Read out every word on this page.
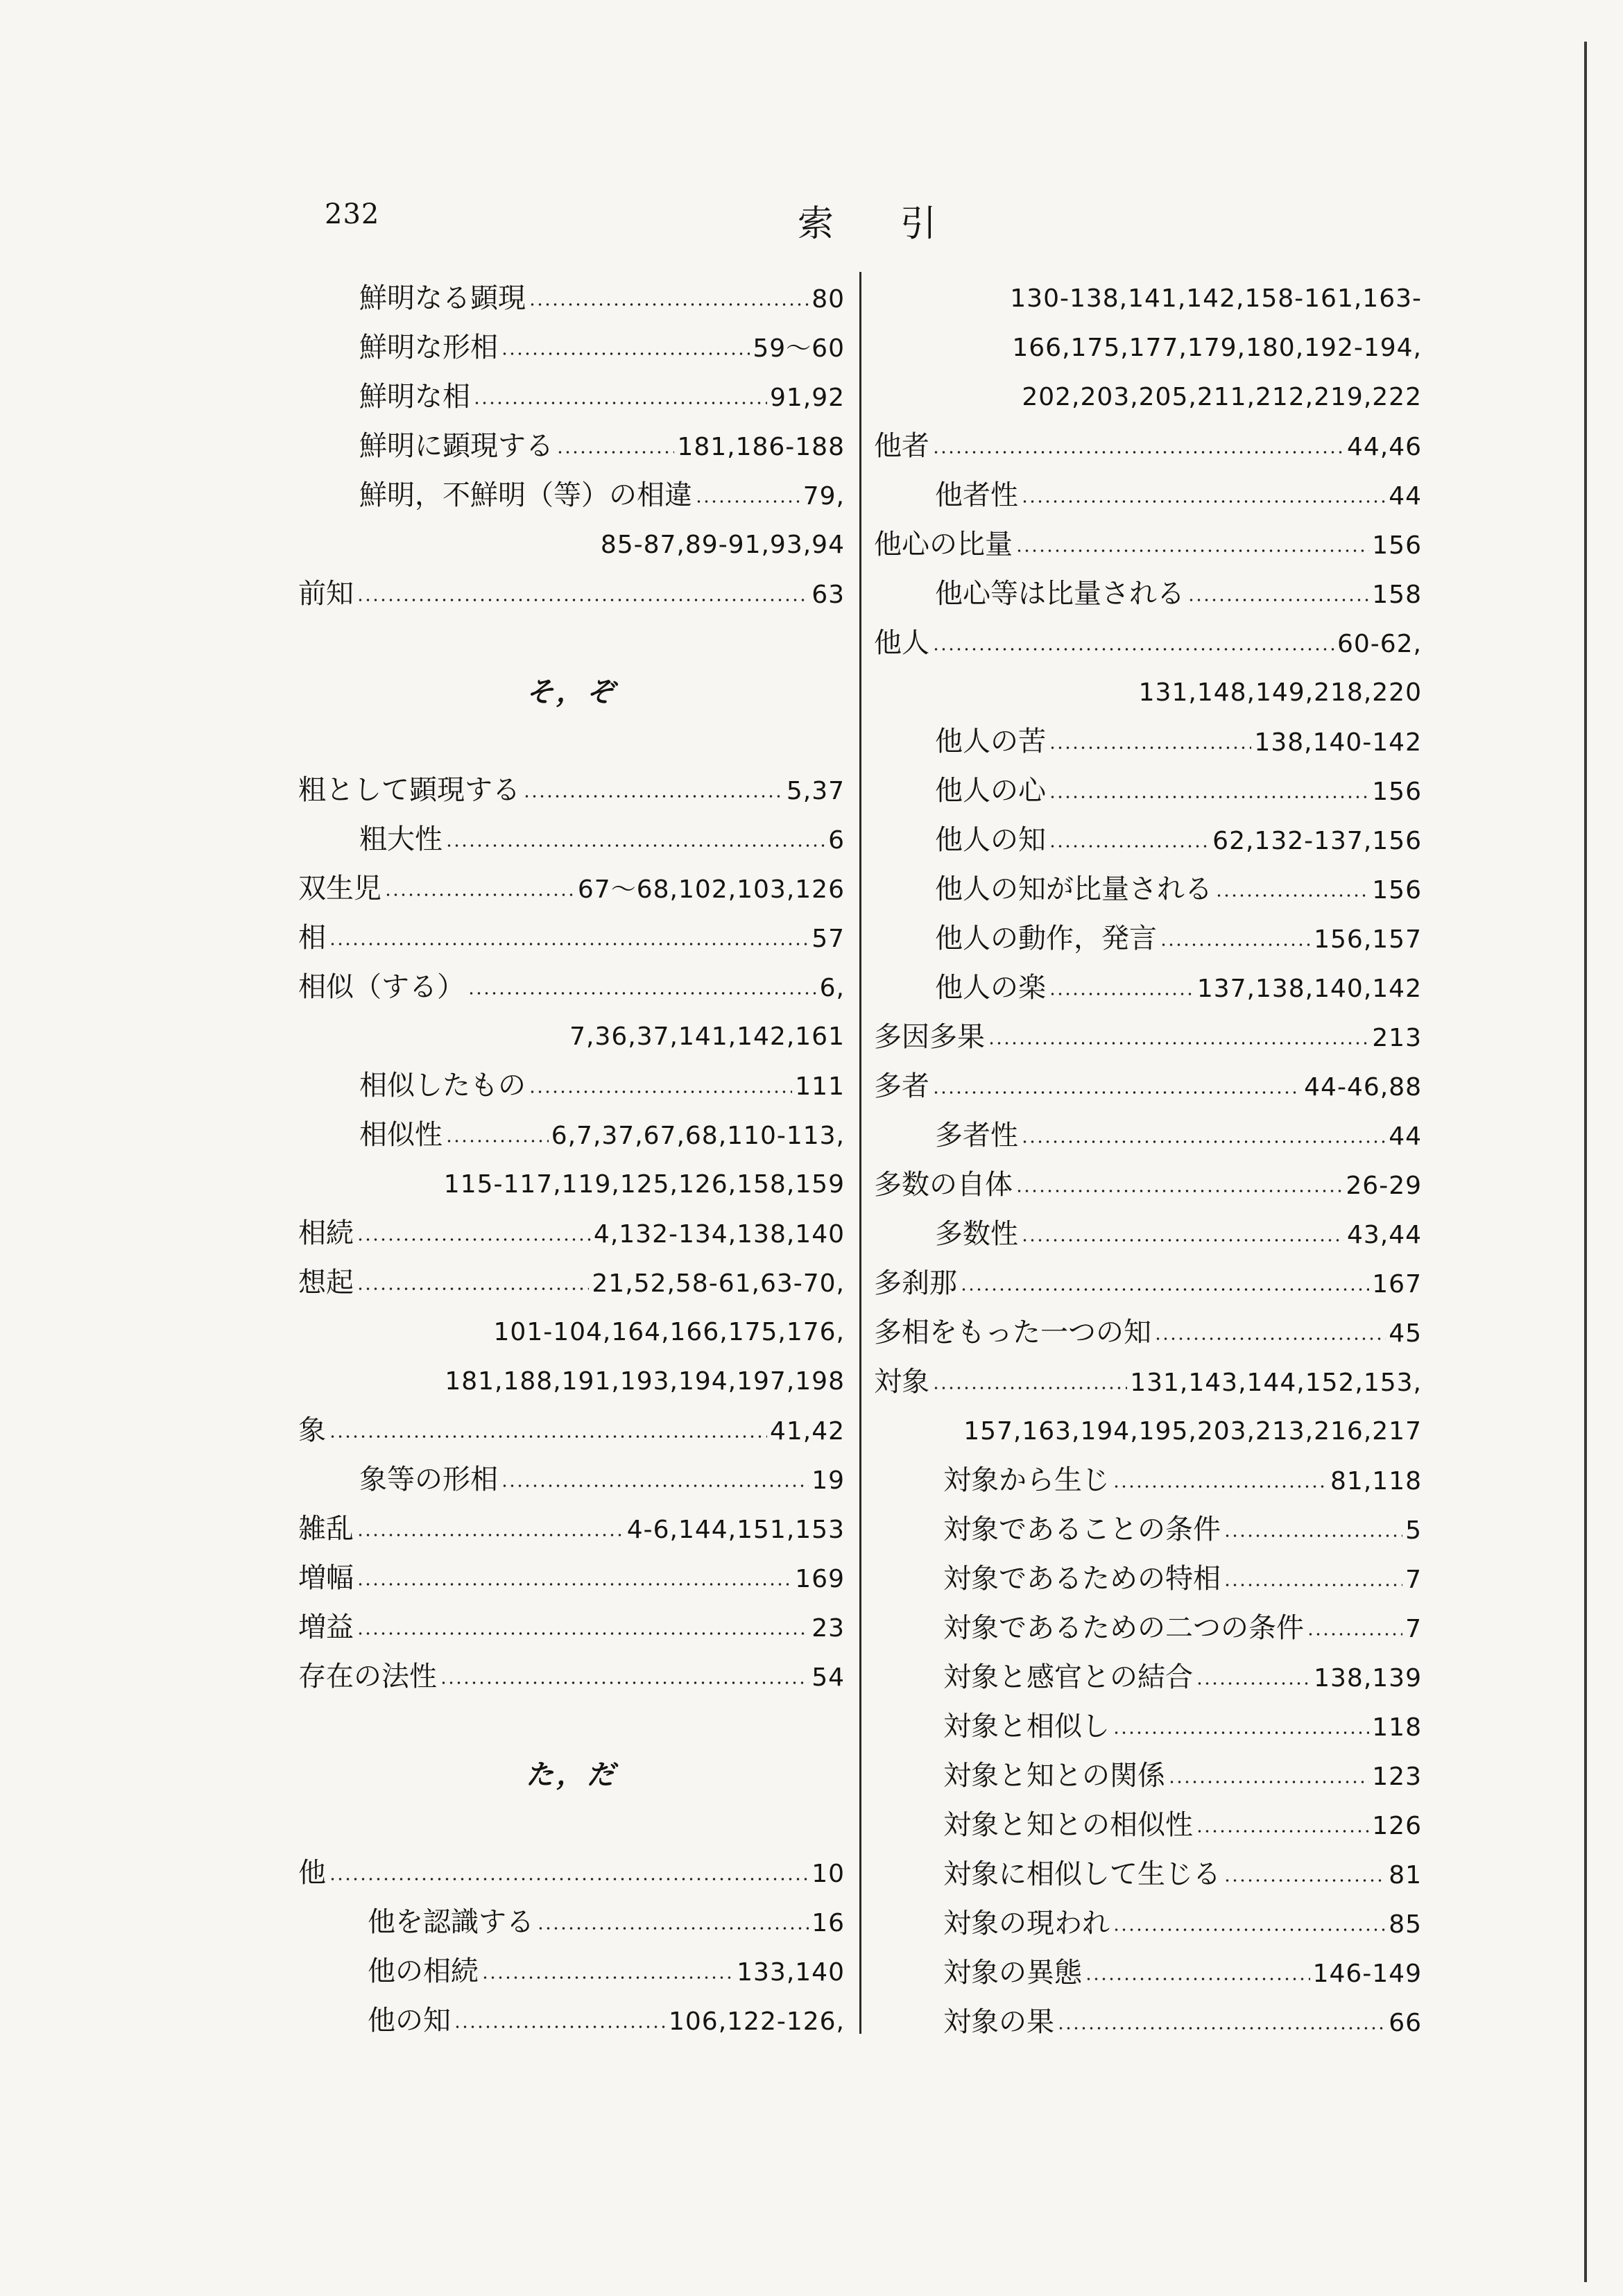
232	索引
鮮明なる顕現	80
鮮明な形相	59〜60
鮮明な相	91,92
鮮明に顕現する	181,186-188
鮮明，不鮮明（等）の相違	79,
85-87,89-91,93,94
前知	63
そ，ぞ
粗として顕現する	5,37
粗大性	6
双生児	67〜68,102,103,126
相	57
相似（する）	6,
7,36,37,141,142,161
相似したもの	111
相似性	6,7,37,67,68,110-113,
115-117,119,125,126,158,159
相続	4,132-134,138,140
想起	21,52,58-61,63-70,
101-104,164,166,175,176,
181,188,191,193,194,197,198
象	41,42
象等の形相	19
雑乱	4-6,144,151,153
増幅	169
増益	23
存在の法性	54
た，だ
他	10
他を認識する	16
他の相続	133,140
他の知	106,122-126,
130-138,141,142,158-161,163-
166,175,177,179,180,192-194,
202,203,205,211,212,219,222
他者	44,46
他者性	44
他心の比量	156
他心等は比量される	158
他人	60-62,
131,148,149,218,220
他人の苦	138,140-142
他人の心	156
他人の知	62,132-137,156
他人の知が比量される	156
他人の動作，発言	156,157
他人の楽	137,138,140,142
多因多果	213
多者	44-46,88
多者性	44
多数の自体	26-29
多数性	43,44
多刹那	167
多相をもった一つの知	45
対象	131,143,144,152,153,
157,163,194,195,203,213,216,217
対象から生じ	81,118
対象であることの条件	5
対象であるための特相	7
対象であるための二つの条件	7
対象と感官との結合	138,139
対象と相似し	118
対象と知との関係	123
対象と知との相似性	126
対象に相似して生じる	81
対象の現われ	85
対象の異態	146-149
対象の果	66
